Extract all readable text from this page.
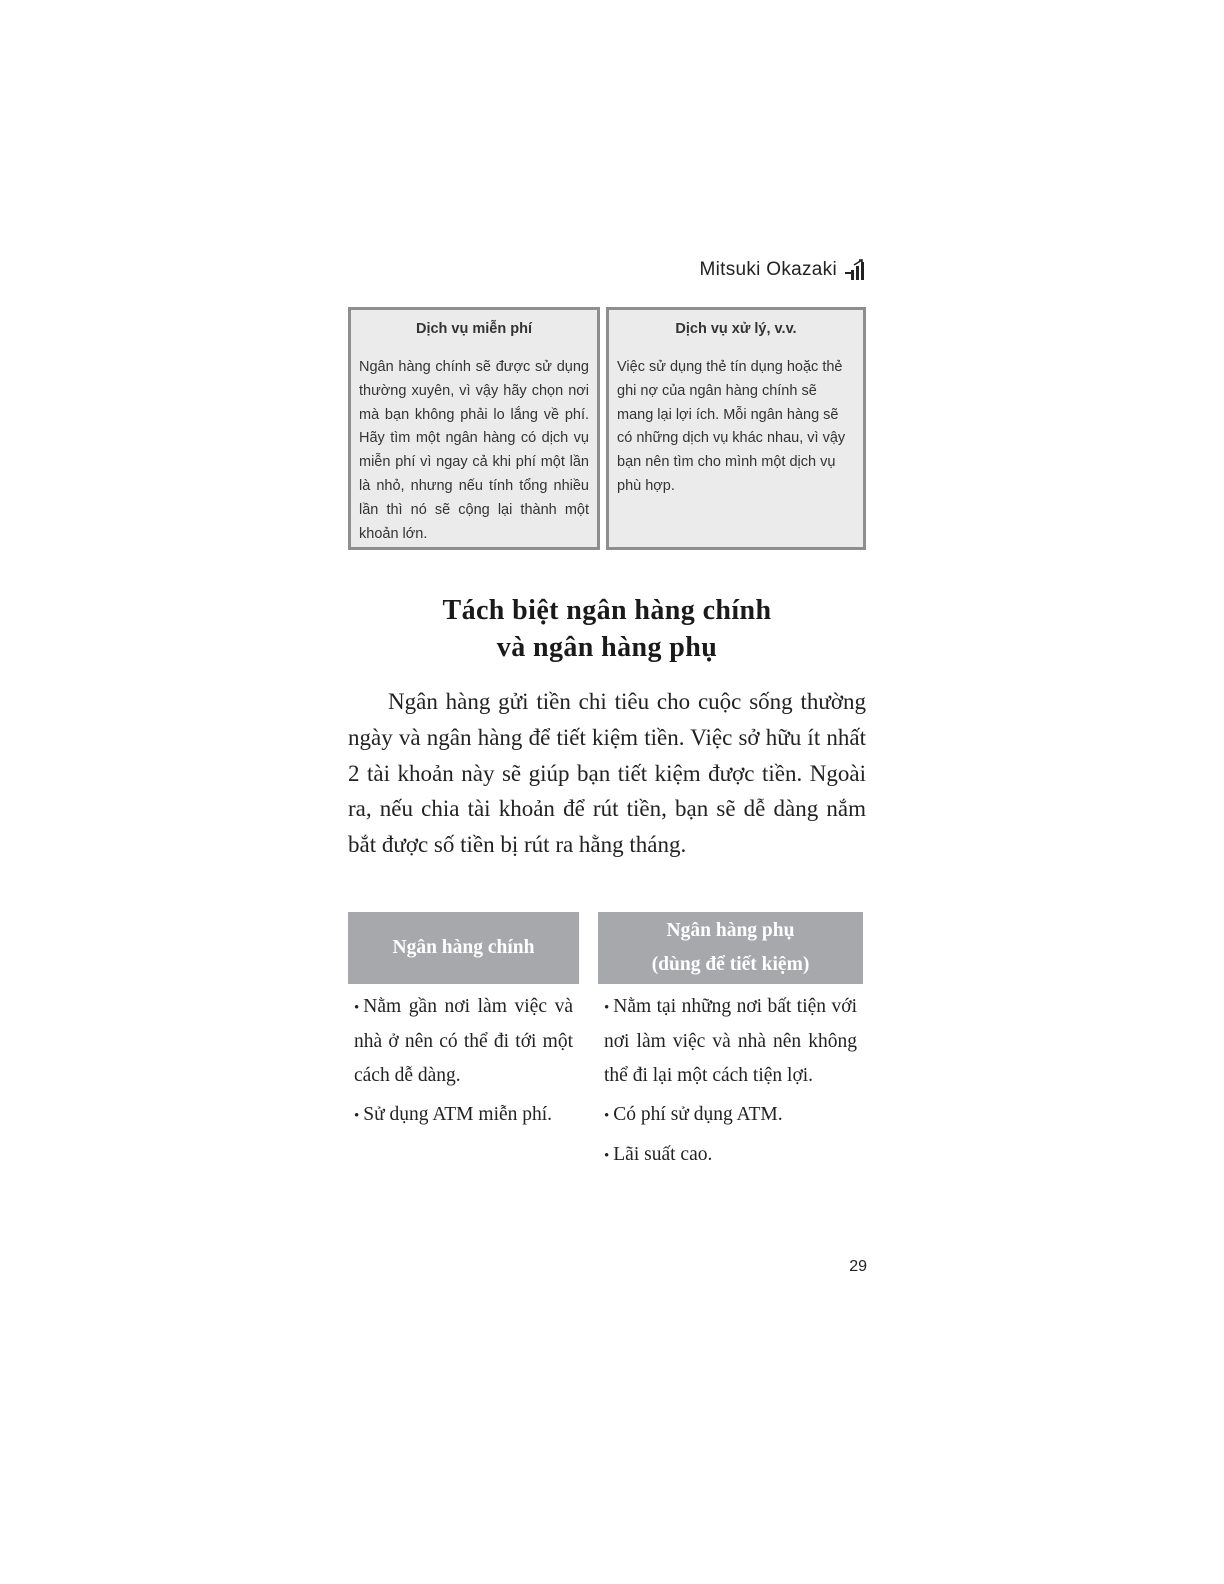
Mitsuki Okazaki
Dịch vụ miễn phí
Ngân hàng chính sẽ được sử dụng thường xuyên, vì vậy hãy chọn nơi mà bạn không phải lo lắng về phí. Hãy tìm một ngân hàng có dịch vụ miễn phí vì ngay cả khi phí một lần là nhỏ, nhưng nếu tính tổng nhiều lần thì nó sẽ cộng lại thành một khoản lớn.
Dịch vụ xử lý, v.v.
Việc sử dụng thẻ tín dụng hoặc thẻ ghi nợ của ngân hàng chính sẽ mang lại lợi ích. Mỗi ngân hàng sẽ có những dịch vụ khác nhau, vì vậy bạn nên tìm cho mình một dịch vụ phù hợp.
Tách biệt ngân hàng chính
và ngân hàng phụ

Ngân hàng gửi tiền chi tiêu cho cuộc sống thường ngày và ngân hàng để tiết kiệm tiền. Việc sở hữu ít nhất 2 tài khoản này sẽ giúp bạn tiết kiệm được tiền. Ngoài ra, nếu chia tài khoản để rút tiền, bạn sẽ dễ dàng nắm bắt được số tiền bị rút ra hằng tháng.

Ngân hàng chính
• Nằm gần nơi làm việc và nhà ở nên có thể đi tới một cách dễ dàng.
• Sử dụng ATM miễn phí.
Ngân hàng phụ
(dùng để tiết kiệm)
• Nằm tại những nơi bất tiện với nơi làm việc và nhà nên không thể đi lại một cách tiện lợi.
• Có phí sử dụng ATM.
• Lãi suất cao.
29
